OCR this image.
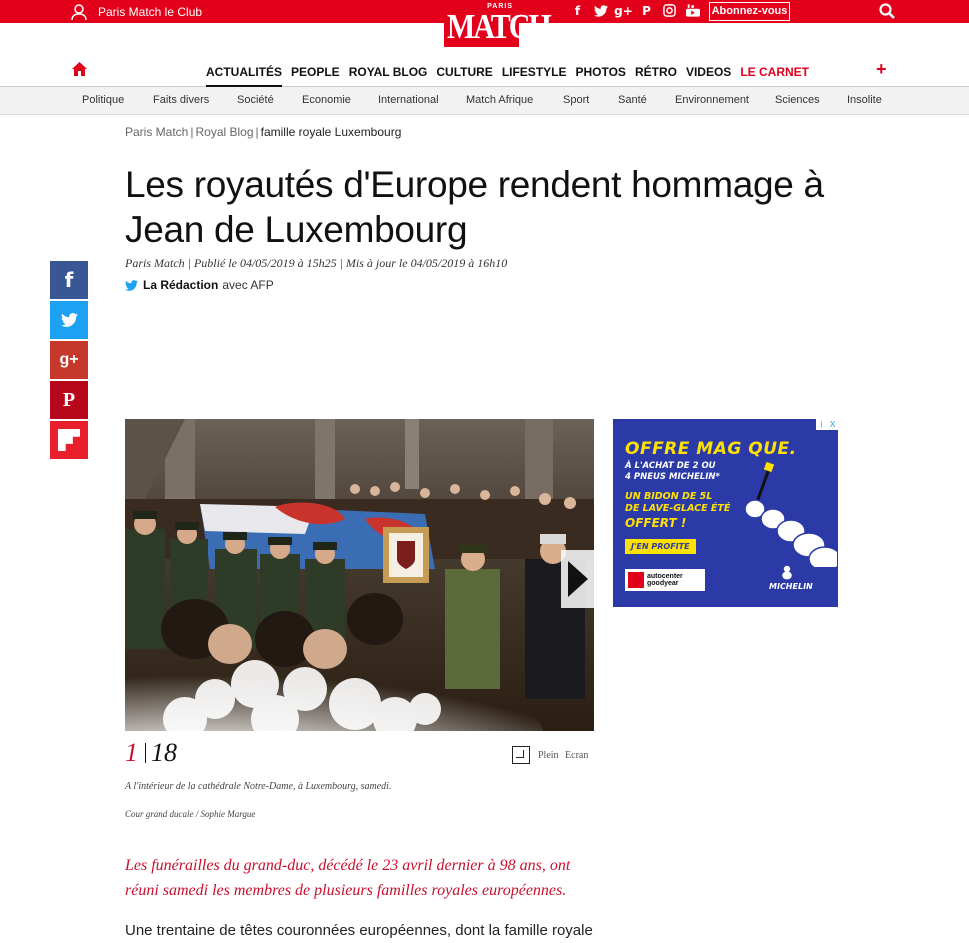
Paris Match le Club	f	g+ P	Abonnez-vous
PARIS
MATCH
ACTUALITÉS PEOPLE ROYAL BLOG CULTURE LIFESTYLE PHOTOS RÉTRO VIDEOS LE CARNET	+
Politique	Faits divers	Société	Economie International Match Afrique	Sport	Santé	Environnement Sciences Insolite
Paris Match | Royal Blog | famille royale Luxembourg
Les royautés d'Europe rendent hommage à Jean de Luxembourg
Paris Match | Publié le 04/05/2019 à 15h25 | Mis à jour le 04/05/2019 à 16h10
La Rédaction avec AFP
f
g+
P
1 18	Plein Ecran
A l'intérieur de la cathédrale Notre-Dame, à Luxembourg, samedi.
Cour grand ducale / Sophie Margue

Les funérailles du grand-duc, décédé le 23 avril dernier à 98 ans, ont réuni samedi les membres de plusieurs familles royales européennes.

Une trentaine de têtes couronnées européennes, dont la famille royale

i X
OFFRE MAG QUE.
À L'ACHAT DE 2 OU
4 PNEUS MICHELIN*
UN BIDON DE 5L
DE LAVE-GLACE ÉTÉ
OFFERT !
J'EN PROFITE
autocenter
goodyear	MICHELIN
